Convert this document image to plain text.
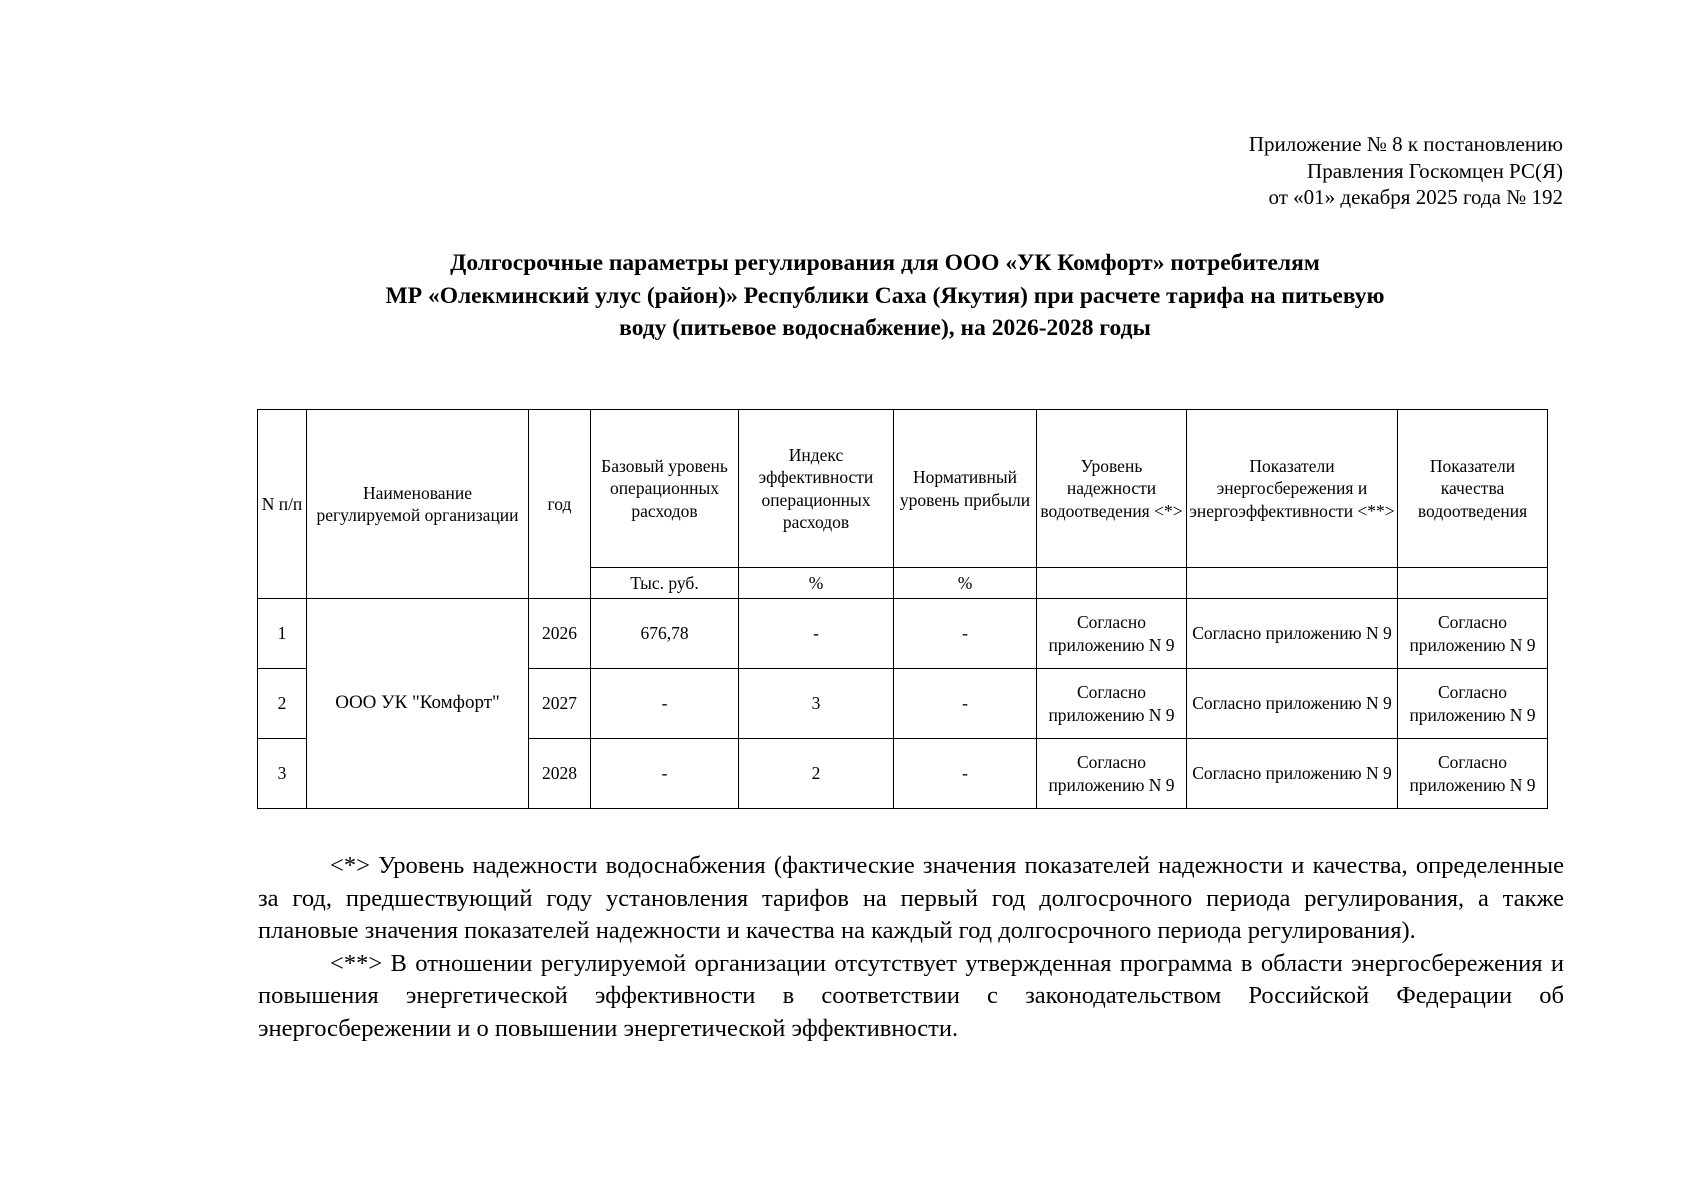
Приложение № 8 к постановлению
Правления Госкомцен РС(Я)
от «01» декабря 2025 года № 192
Долгосрочные параметры регулирования для ООО «УК Комфорт» потребителям
МР «Олекминский улус (район)» Республики Саха (Якутия) при расчете тарифа на питьевую
воду (питьевое водоснабжение), на 2026-2028 годы
N п/п	Наименование регулируемой организации	год	Базовый уровень операционных расходов	Индекс эффективности операционных расходов	Нормативный уровень прибыли	Уровень надежности водоотведения <*>	Показатели энергосбережения и энергоэффективности <**>	Показатели качества водоотведения
			Тыс. руб.	%	%			
1	ООО УК "Комфорт"	2026	676,78	-	-	Согласно приложению N 9	Согласно приложению N 9	Согласно приложению N 9
2		2027	-	3	-	Согласно приложению N 9	Согласно приложению N 9	Согласно приложению N 9
3		2028	-	2	-	Согласно приложению N 9	Согласно приложению N 9	Согласно приложению N 9

<*> Уровень надежности водоснабжения (фактические значения показателей надежности и качества, определенные за год, предшествующий году установления тарифов на первый год долгосрочного периода регулирования, а также плановые значения показателей надежности и качества на каждый год долгосрочного периода регулирования).

<**> В отношении регулируемой организации отсутствует утвержденная программа в области энергосбережения и повышения энергетической эффективности в соответствии с законодательством Российской Федерации об энергосбережении и о повышении энергетической эффективности.
